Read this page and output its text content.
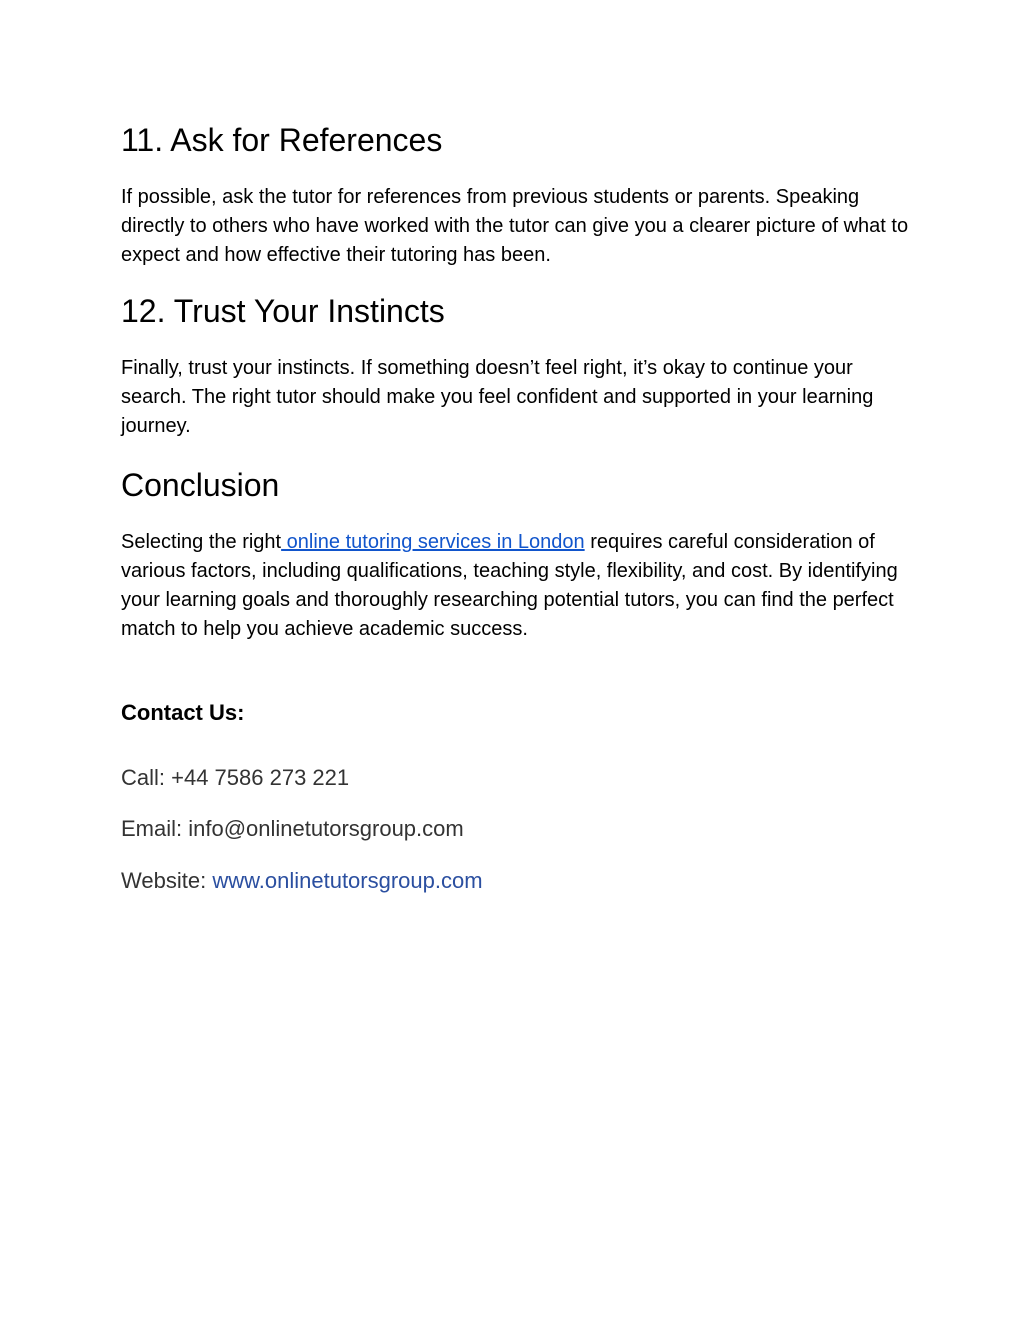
11. Ask for References

If possible, ask the tutor for references from previous students or parents. Speaking directly to others who have worked with the tutor can give you a clearer picture of what to expect and how effective their tutoring has been.

12. Trust Your Instincts

Finally, trust your instincts. If something doesn’t feel right, it’s okay to continue your search. The right tutor should make you feel confident and supported in your learning journey.

Conclusion

Selecting the right online tutoring services in London requires careful consideration of various factors, including qualifications, teaching style, flexibility, and cost. By identifying your learning goals and thoroughly researching potential tutors, you can find the perfect match to help you achieve academic success.

Contact Us:

Call: +44 7586 273 221

Email: info@onlinetutorsgroup.com

Website: www.onlinetutorsgroup.com
